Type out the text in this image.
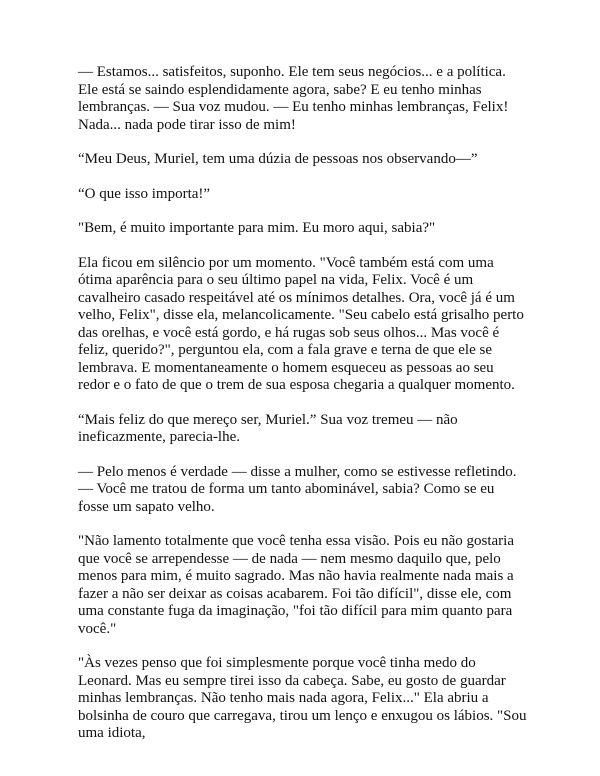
— Estamos... satisfeitos, suponho. Ele tem seus negócios... e a política. Ele está se saindo esplendidamente agora, sabe? E eu tenho minhas lembranças. — Sua voz mudou. — Eu tenho minhas lembranças, Felix! Nada... nada pode tirar isso de mim!

“Meu Deus, Muriel, tem uma dúzia de pessoas nos observando—”

“O que isso importa!”

"Bem, é muito importante para mim. Eu moro aqui, sabia?"

Ela ficou em silêncio por um momento. "Você também está com uma ótima aparência para o seu último papel na vida, Felix. Você é um cavalheiro casado respeitável até os mínimos detalhes. Ora, você já é um velho, Felix", disse ela, melancolicamente. "Seu cabelo está grisalho perto das orelhas, e você está gordo, e há rugas sob seus olhos... Mas você é feliz, querido?", perguntou ela, com a fala grave e terna de que ele se lembrava. E momentaneamente o homem esqueceu as pessoas ao seu redor e o fato de que o trem de sua esposa chegaria a qualquer momento.

“Mais feliz do que mereço ser, Muriel.” Sua voz tremeu — não ineficazmente, parecia-lhe.

— Pelo menos é verdade — disse a mulher, como se estivesse refletindo. — Você me tratou de forma um tanto abominável, sabia? Como se eu fosse um sapato velho.

"Não lamento totalmente que você tenha essa visão. Pois eu não gostaria que você se arrependesse — de nada — nem mesmo daquilo que, pelo menos para mim, é muito sagrado. Mas não havia realmente nada mais a fazer a não ser deixar as coisas acabarem. Foi tão difícil", disse ele, com uma constante fuga da imaginação, "foi tão difícil para mim quanto para você."

"Às vezes penso que foi simplesmente porque você tinha medo do Leonard. Mas eu sempre tirei isso da cabeça. Sabe, eu gosto de guardar minhas lembranças. Não tenho mais nada agora, Felix..." Ela abriu a bolsinha de couro que carregava, tirou um lenço e enxugou os lábios. "Sou uma idiota,
